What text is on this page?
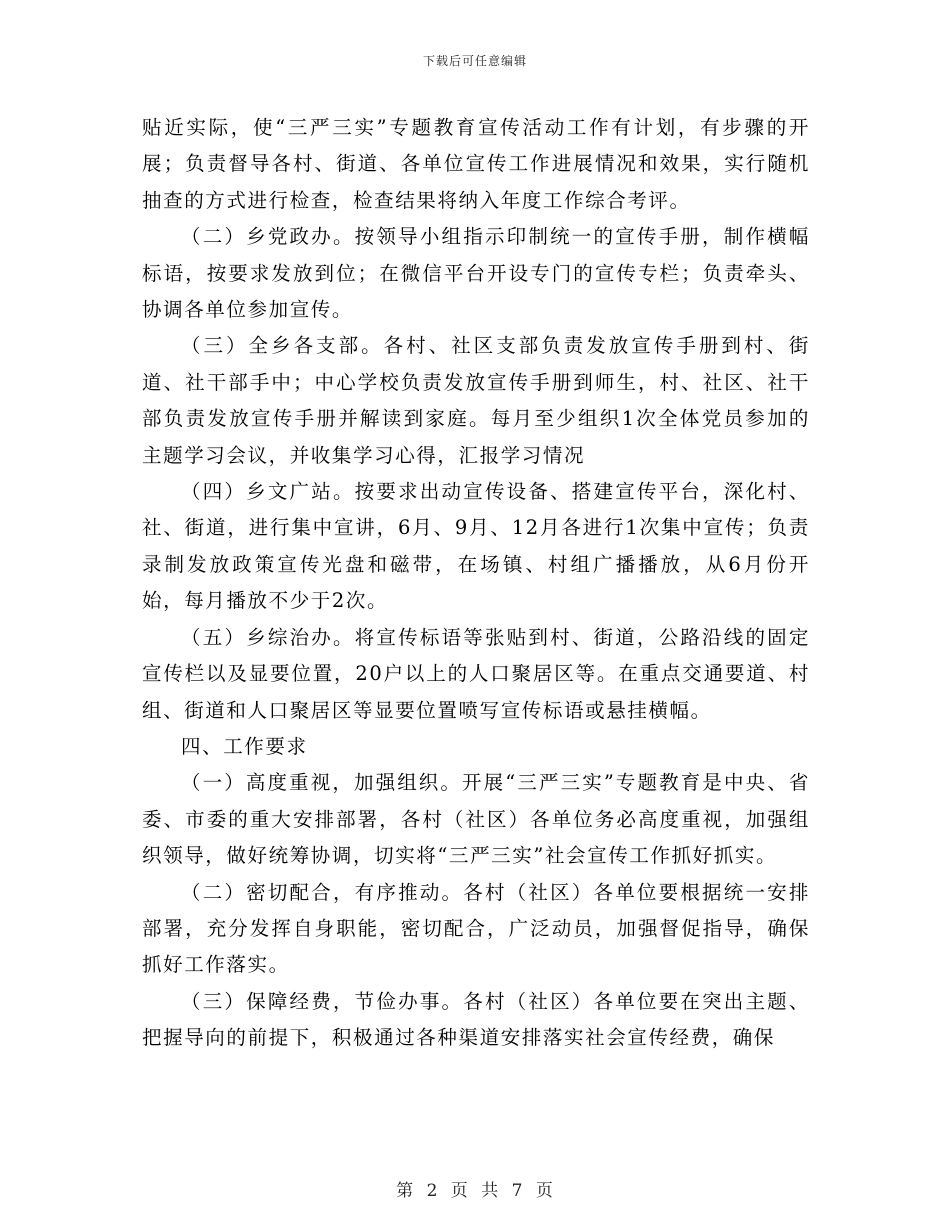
下载后可任意编辑

贴近实际，使“三严三实”专题教育宣传活动工作有计划，有步骤的开展；负责督导各村、街道、各单位宣传工作进展情况和效果，实行随机抽查的方式进行检查，检查结果将纳入年度工作综合考评。

（二）乡党政办。按领导小组指示印制统一的宣传手册，制作横幅标语，按要求发放到位；在微信平台开设专门的宣传专栏；负责牵头、协调各单位参加宣传。

（三）全乡各支部。各村、社区支部负责发放宣传手册到村、街道、社干部手中；中心学校负责发放宣传手册到师生，村、社区、社干部负责发放宣传手册并解读到家庭。每月至少组织1次全体党员参加的主题学习会议，并收集学习心得，汇报学习情况

（四）乡文广站。按要求出动宣传设备、搭建宣传平台，深化村、社、街道，进行集中宣讲，6月、9月、12月各进行1次集中宣传；负责录制发放政策宣传光盘和磁带，在场镇、村组广播播放，从6月份开始，每月播放不少于2次。

（五）乡综治办。将宣传标语等张贴到村、街道，公路沿线的固定宣传栏以及显要位置，20户以上的人口聚居区等。在重点交通要道、村组、街道和人口聚居区等显要位置喷写宣传标语或悬挂横幅。

四、工作要求

（一）高度重视，加强组织。开展“三严三实”专题教育是中央、省委、市委的重大安排部署，各村（社区）各单位务必高度重视，加强组织领导，做好统筹协调，切实将“三严三实”社会宣传工作抓好抓实。

（二）密切配合，有序推动。各村（社区）各单位要根据统一安排部署，充分发挥自身职能，密切配合，广泛动员，加强督促指导，确保抓好工作落实。

（三）保障经费，节俭办事。各村（社区）各单位要在突出主题、把握导向的前提下，积极通过各种渠道安排落实社会宣传经费，确保

第 2 页 共 7 页
